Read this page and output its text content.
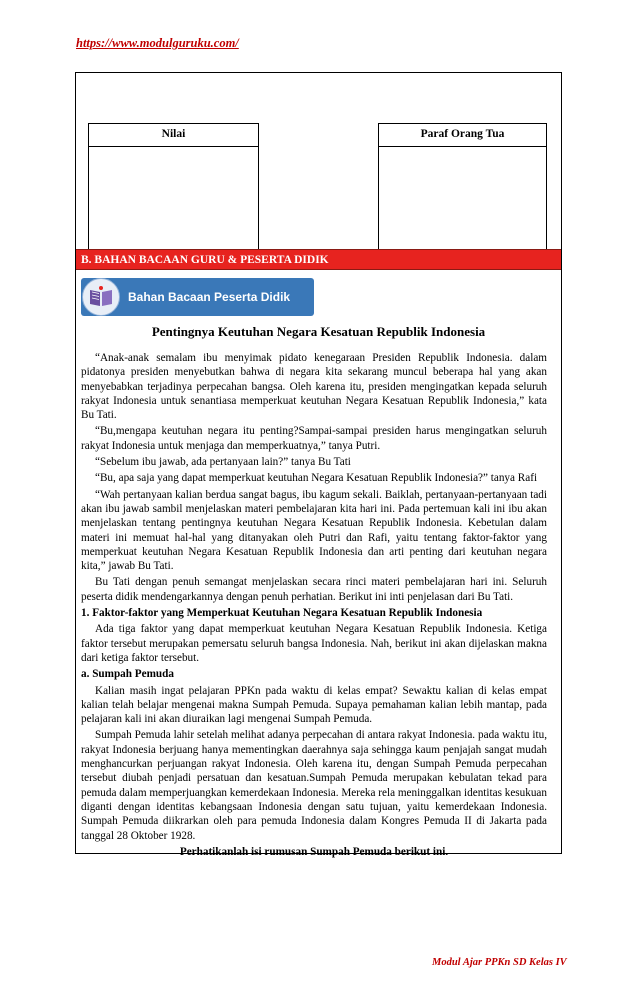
https://www.modulguruku.com/
Nilai	Paraf Orang Tua
B. BAHAN BACAAN GURU & PESERTA DIDIK
Bahan Bacaan Peserta Didik
Pentingnya Keutuhan Negara Kesatuan Republik Indonesia

“Anak-anak semalam ibu menyimak pidato kenegaraan Presiden Republik Indonesia. dalam pidatonya presiden menyebutkan bahwa di negara kita sekarang muncul beberapa hal yang akan menyebabkan terjadinya perpecahan bangsa. Oleh karena itu, presiden mengingatkan kepada seluruh rakyat Indonesia untuk senantiasa memperkuat keutuhan Negara Kesatuan Republik Indonesia,” kata Bu Tati.

“Bu,mengapa keutuhan negara itu penting?Sampai-sampai presiden harus mengingatkan seluruh rakyat Indonesia untuk menjaga dan memperkuatnya,” tanya Putri.

“Sebelum ibu jawab, ada pertanyaan lain?” tanya Bu Tati

“Bu, apa saja yang dapat memperkuat keutuhan Negara Kesatuan Republik Indonesia?” tanya Rafi

“Wah pertanyaan kalian berdua sangat bagus, ibu kagum sekali. Baiklah, pertanyaan-pertanyaan tadi akan ibu jawab sambil menjelaskan materi pembelajaran kita hari ini. Pada pertemuan kali ini ibu akan menjelaskan tentang pentingnya keutuhan Negara Kesatuan Republik Indonesia. Kebetulan dalam materi ini memuat hal-hal yang ditanyakan oleh Putri dan Rafi, yaitu tentang faktor-faktor yang memperkuat keutuhan Negara Kesatuan Republik Indonesia dan arti penting dari keutuhan negara kita,” jawab Bu Tati.

Bu Tati dengan penuh semangat menjelaskan secara rinci materi pembelajaran hari ini. Seluruh peserta didik mendengarkannya dengan penuh perhatian. Berikut ini inti penjelasan dari Bu Tati.

1. Faktor-faktor yang Memperkuat Keutuhan Negara Kesatuan Republik Indonesia

Ada tiga faktor yang dapat memperkuat keutuhan Negara Kesatuan Republik Indonesia. Ketiga faktor tersebut merupakan pemersatu seluruh bangsa Indonesia. Nah, berikut ini akan dijelaskan makna dari ketiga faktor tersebut.

a. Sumpah Pemuda

Kalian masih ingat pelajaran PPKn pada waktu di kelas empat? Sewaktu kalian di kelas empat kalian telah belajar mengenai makna Sumpah Pemuda. Supaya pemahaman kalian lebih mantap, pada pelajaran kali ini akan diuraikan lagi mengenai Sumpah Pemuda.

Sumpah Pemuda lahir setelah melihat adanya perpecahan di antara rakyat Indonesia. pada waktu itu, rakyat Indonesia berjuang hanya mementingkan daerahnya saja sehingga kaum penjajah sangat mudah menghancurkan perjuangan rakyat Indonesia. Oleh karena itu, dengan Sumpah Pemuda perpecahan tersebut diubah penjadi persatuan dan kesatuan.Sumpah Pemuda merupakan kebulatan tekad para pemuda dalam memperjuangkan kemerdekaan Indonesia. Mereka rela meninggalkan identitas kesukuan diganti dengan identitas kebangsaan Indonesia dengan satu tujuan, yaitu kemerdekaan Indonesia. Sumpah Pemuda diikrarkan oleh para pemuda Indonesia dalam Kongres Pemuda II di Jakarta pada tanggal 28 Oktober 1928.

Perhatikanlah isi rumusan Sumpah Pemuda berikut ini.

Modul Ajar PPKn SD Kelas IV
